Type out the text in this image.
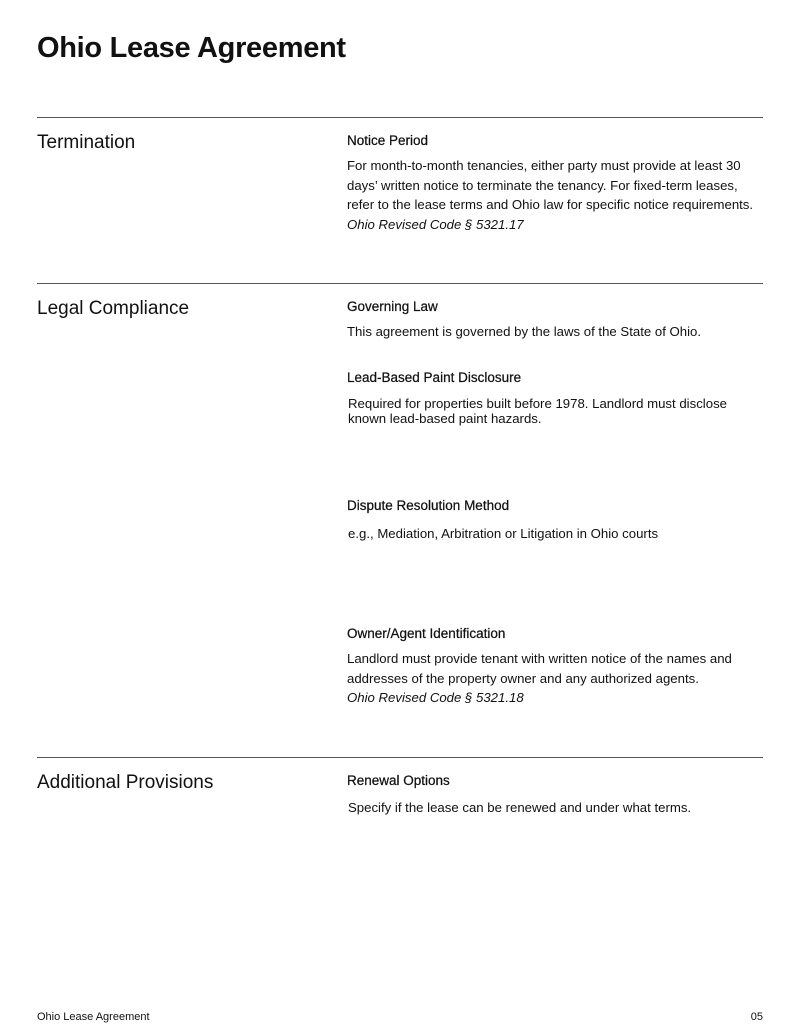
Ohio Lease Agreement
Termination	Notice Period

For month-to-month tenancies, either party must provide at least 30 days’ written notice to terminate the tenancy. For fixed-term leases, refer to the lease terms and Ohio law for specific notice requirements.

Ohio Revised Code § 5321.17

Legal Compliance	Governing Law

This agreement is governed by the laws of the State of Ohio.

Lead-Based Paint Disclosure

Required for properties built before 1978. Landlord must disclose known lead-based paint hazards.

Dispute Resolution Method

e.g., Mediation, Arbitration or Litigation in Ohio courts

Owner/Agent Identification

Landlord must provide tenant with written notice of the names and addresses of the property owner and any authorized agents.

Ohio Revised Code § 5321.18

Additional Provisions	Renewal Options

Specify if the lease can be renewed and under what terms.

Ohio Lease Agreement	05
